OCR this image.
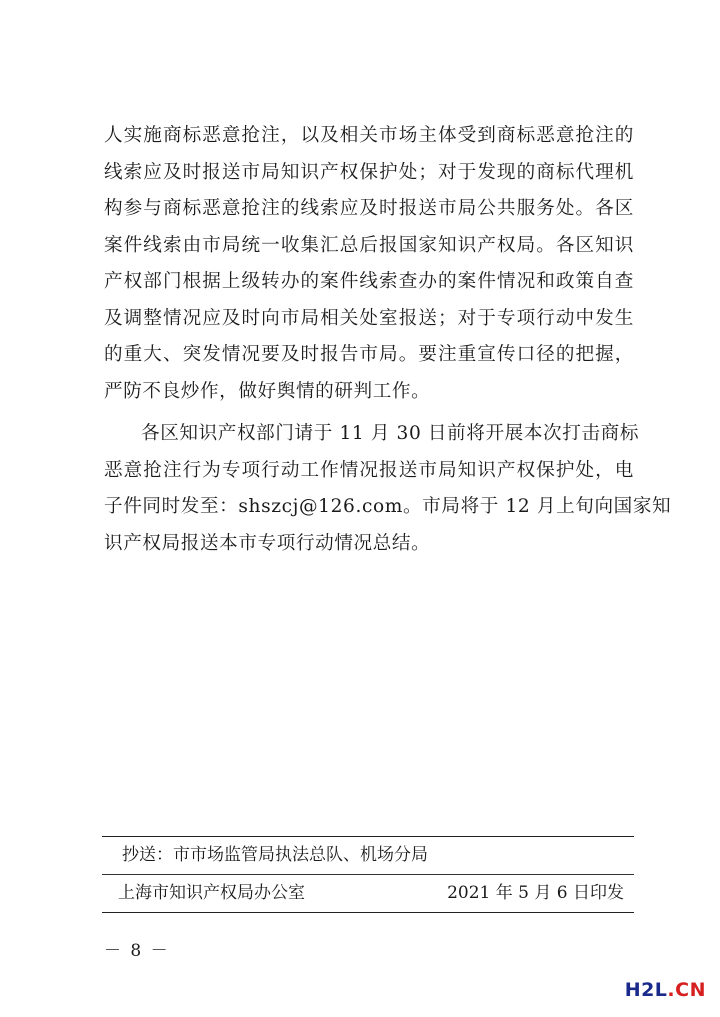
人实施商标恶意抢注，以及相关市场主体受到商标恶意抢注的
线索应及时报送市局知识产权保护处；对于发现的商标代理机
构参与商标恶意抢注的线索应及时报送市局公共服务处。各区
案件线索由市局统一收集汇总后报国家知识产权局。各区知识
产权部门根据上级转办的案件线索查办的案件情况和政策自查
及调整情况应及时向市局相关处室报送；对于专项行动中发生
的重大、突发情况要及时报告市局。要注重宣传口径的把握，
严防不良炒作，做好舆情的研判工作。
各区知识产权部门请于 11 月 30 日前将开展本次打击商标
恶意抢注行为专项行动工作情况报送市局知识产权保护处，电
子件同时发至：shszcj@126.com。市局将于 12 月上旬向国家知
识产权局报送本市专项行动情况总结。
抄送：市市场监管局执法总队、机场分局
上海市知识产权局办公室	2021 年 5 月 6 日印发
－ 8 －
H2L.CN
